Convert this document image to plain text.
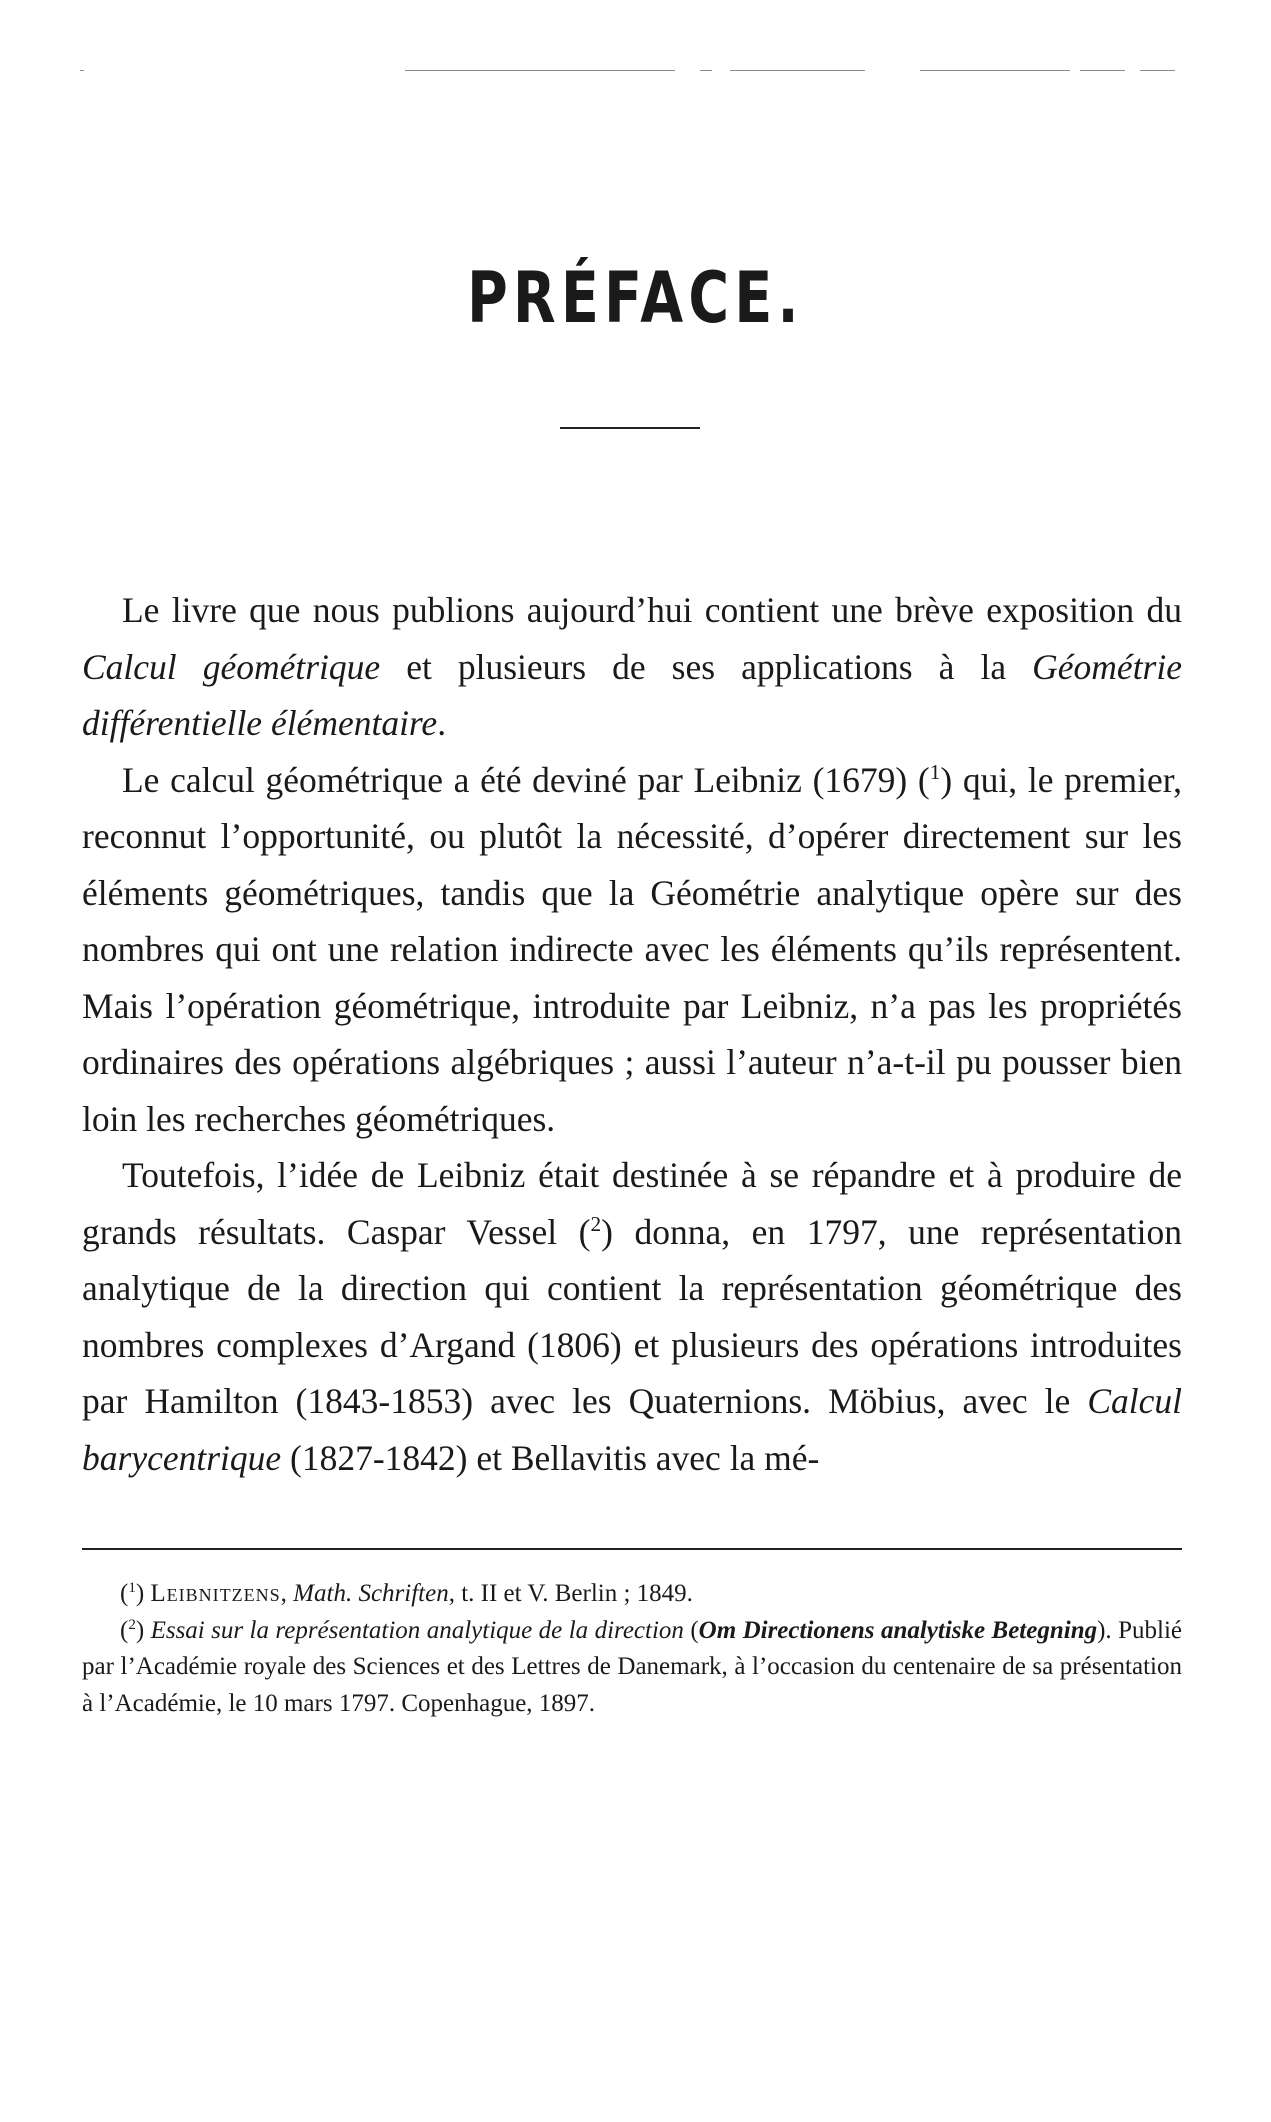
PRÉFACE.

Le livre que nous publions aujourd’hui contient une brève exposition du Calcul géométrique et plusieurs de ses applications à la Géométrie différentielle élémentaire.

Le calcul géométrique a été deviné par Leibniz (1679) ($^1$) qui, le premier, reconnut l’opportunité, ou plutôt la nécessité, d’opérer directement sur les éléments géométriques, tandis que la Géométrie analytique opère sur des nombres qui ont une relation indirecte avec les éléments qu’ils représentent. Mais l’opération géométrique, introduite par Leibniz, n’a pas les propriétés ordinaires des opérations algébriques ; aussi l’auteur n’a-t-il pu pousser bien loin les recherches géométriques.

Toutefois, l’idée de Leibniz était destinée à se répandre et à produire de grands résultats. Caspar Vessel ($^2$) donna, en 1797, une représentation analytique de la direction qui contient la représentation géométrique des nombres complexes d’Argand (1806) et plusieurs des opérations introduites par Hamilton (1843-1853) avec les Quaternions. Möbius, avec le Calcul barycentrique (1827-1842) et Bellavitis avec la mé-

($^1$) Leibnitzens, Math. Schriften, t. II et V. Berlin ; 1849.

($^2$) Essai sur la représentation analytique de la direction (Om Directionens analytiske Betegning). Publié par l’Académie royale des Sciences et des Lettres de Danemark, à l’occasion du centenaire de sa présentation à l’Académie, le 10 mars 1797. Copenhague, 1897.
